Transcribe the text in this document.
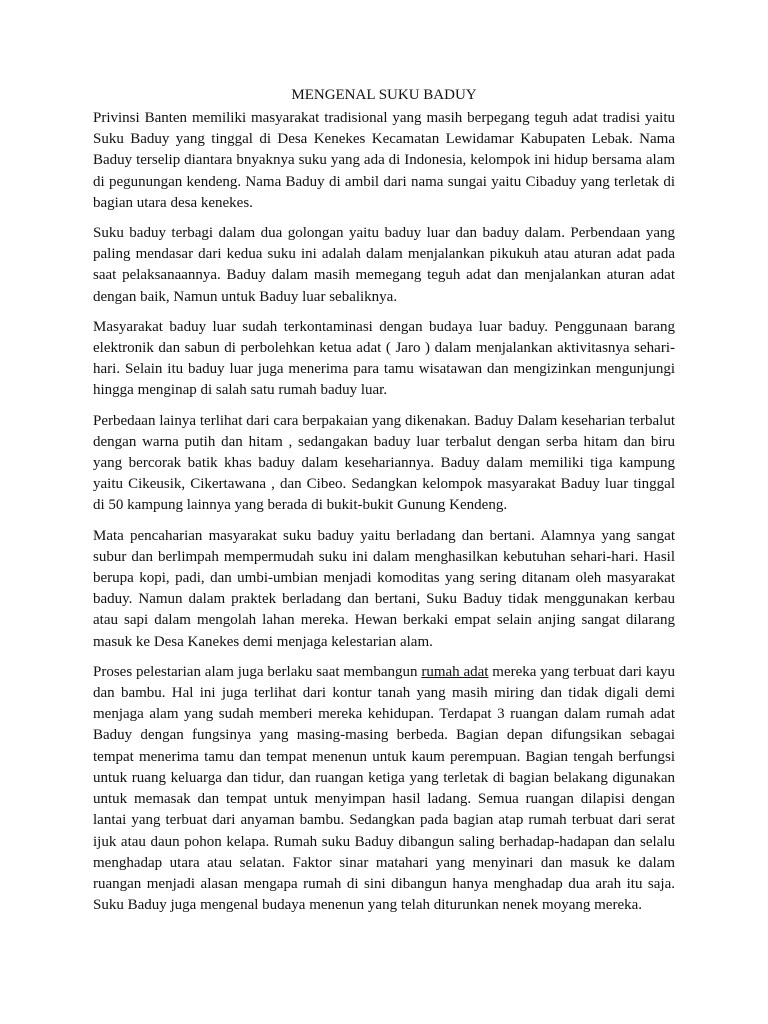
MENGENAL SUKU BADUY

Privinsi Banten memiliki masyarakat tradisional yang masih berpegang teguh adat tradisi yaitu Suku Baduy yang tinggal di Desa Kenekes Kecamatan Lewidamar Kabupaten Lebak. Nama Baduy terselip diantara bnyaknya suku yang ada di Indonesia, kelompok ini hidup bersama alam di pegunungan kendeng. Nama Baduy di ambil dari nama sungai yaitu Cibaduy yang terletak di bagian utara desa kenekes.

Suku baduy terbagi dalam dua golongan yaitu baduy luar dan baduy dalam. Perbendaan yang paling mendasar dari kedua suku ini adalah dalam menjalankan pikukuh atau aturan adat pada saat pelaksanaannya. Baduy dalam masih memegang teguh adat dan menjalankan aturan adat dengan baik, Namun untuk Baduy luar sebaliknya.

Masyarakat baduy luar sudah terkontaminasi dengan budaya luar baduy. Penggunaan barang elektronik dan sabun di perbolehkan ketua adat ( Jaro ) dalam menjalankan aktivitasnya sehari-hari. Selain itu baduy luar juga menerima para tamu wisatawan dan mengizinkan mengunjungi hingga menginap di salah satu rumah baduy luar.

Perbedaan lainya terlihat dari cara berpakaian yang dikenakan. Baduy Dalam keseharian terbalut dengan warna putih dan hitam , sedangakan baduy luar terbalut dengan serba hitam dan biru yang bercorak batik khas baduy dalam kesehariannya. Baduy dalam memiliki tiga kampung yaitu Cikeusik, Cikertawana , dan Cibeo. Sedangkan kelompok masyarakat Baduy luar tinggal di 50 kampung lainnya yang berada di bukit-bukit Gunung Kendeng.

Mata pencaharian masyarakat suku baduy yaitu berladang dan bertani. Alamnya yang sangat subur dan berlimpah mempermudah suku ini dalam menghasilkan kebutuhan sehari-hari. Hasil berupa kopi, padi, dan umbi-umbian menjadi komoditas yang sering ditanam oleh masyarakat baduy. Namun dalam praktek berladang dan bertani, Suku Baduy tidak menggunakan kerbau atau sapi dalam mengolah lahan mereka. Hewan berkaki empat selain anjing sangat dilarang masuk ke Desa Kanekes demi menjaga kelestarian alam.

Proses pelestarian alam juga berlaku saat membangun rumah adat mereka yang terbuat dari kayu dan bambu. Hal ini juga terlihat dari kontur tanah yang masih miring dan tidak digali demi menjaga alam yang sudah memberi mereka kehidupan. Terdapat 3 ruangan dalam rumah adat Baduy dengan fungsinya yang masing-masing berbeda. Bagian depan difungsikan sebagai tempat menerima tamu dan tempat menenun untuk kaum perempuan. Bagian tengah berfungsi untuk ruang keluarga dan tidur, dan ruangan ketiga yang terletak di bagian belakang digunakan untuk memasak dan tempat untuk menyimpan hasil ladang. Semua ruangan dilapisi dengan lantai yang terbuat dari anyaman bambu. Sedangkan pada bagian atap rumah terbuat dari serat ijuk atau daun pohon kelapa. Rumah suku Baduy dibangun saling berhadap-hadapan dan selalu menghadap utara atau selatan. Faktor sinar matahari yang menyinari dan masuk ke dalam ruangan menjadi alasan mengapa rumah di sini dibangun hanya menghadap dua arah itu saja. Suku Baduy juga mengenal budaya menenun yang telah diturunkan nenek moyang mereka.
